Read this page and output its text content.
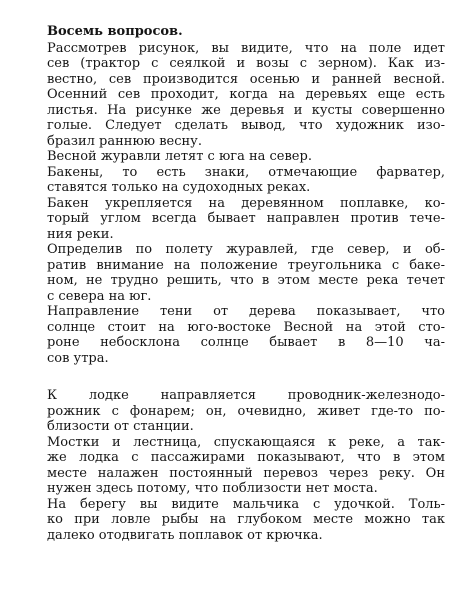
Восемь вопросов.

Рассмотрев рисунок, вы видите, что на поле идет
сев (трактор с сеялкой и возы с зерном). Как из-
вестно, сев производится осенью и ранней весной.
Осенний сев проходит, когда на деревьях еще есть
листья. На рисунке же деревья и кусты совершенно
голые. Следует сделать вывод, что художник изо-
бразил раннюю весну.

Весной журавли летят с юга на север.

Бакены, то есть знаки, отмечающие фарватер,
ставятся только на судоходных реках.

Бакен укрепляется на деревянном поплавке, ко-
торый углом всегда бывает направлен против тече-
ния реки.

Определив по полету журавлей, где север, и об-
ратив внимание на положение треугольника с бакe-
ном, не трудно решить, что в этом месте река течет
с севера на юг.

Направление тени от дерева показывает, что
солнце стоит на юго-востоке Весной на этой сто-
роне небосклона солнце бывает в 8—10 ча-
сов утра.

К лодке направляется проводник-железнодо-
рожник с фонарем; он, очевидно, живет где-то по-
близости от станции.

Мостки и лестница, спускающаяся к реке, а так-
же лодка с пассажирами показывают, что в этом
месте налажен постоянный перевоз через реку. Он
нужен здесь потому, что поблизости нет моста.

На берегу вы видите мальчика с удочкой. Толь-
ко при ловле рыбы на глубоком месте можно так
далеко отодвигать поплавок от крючка.
